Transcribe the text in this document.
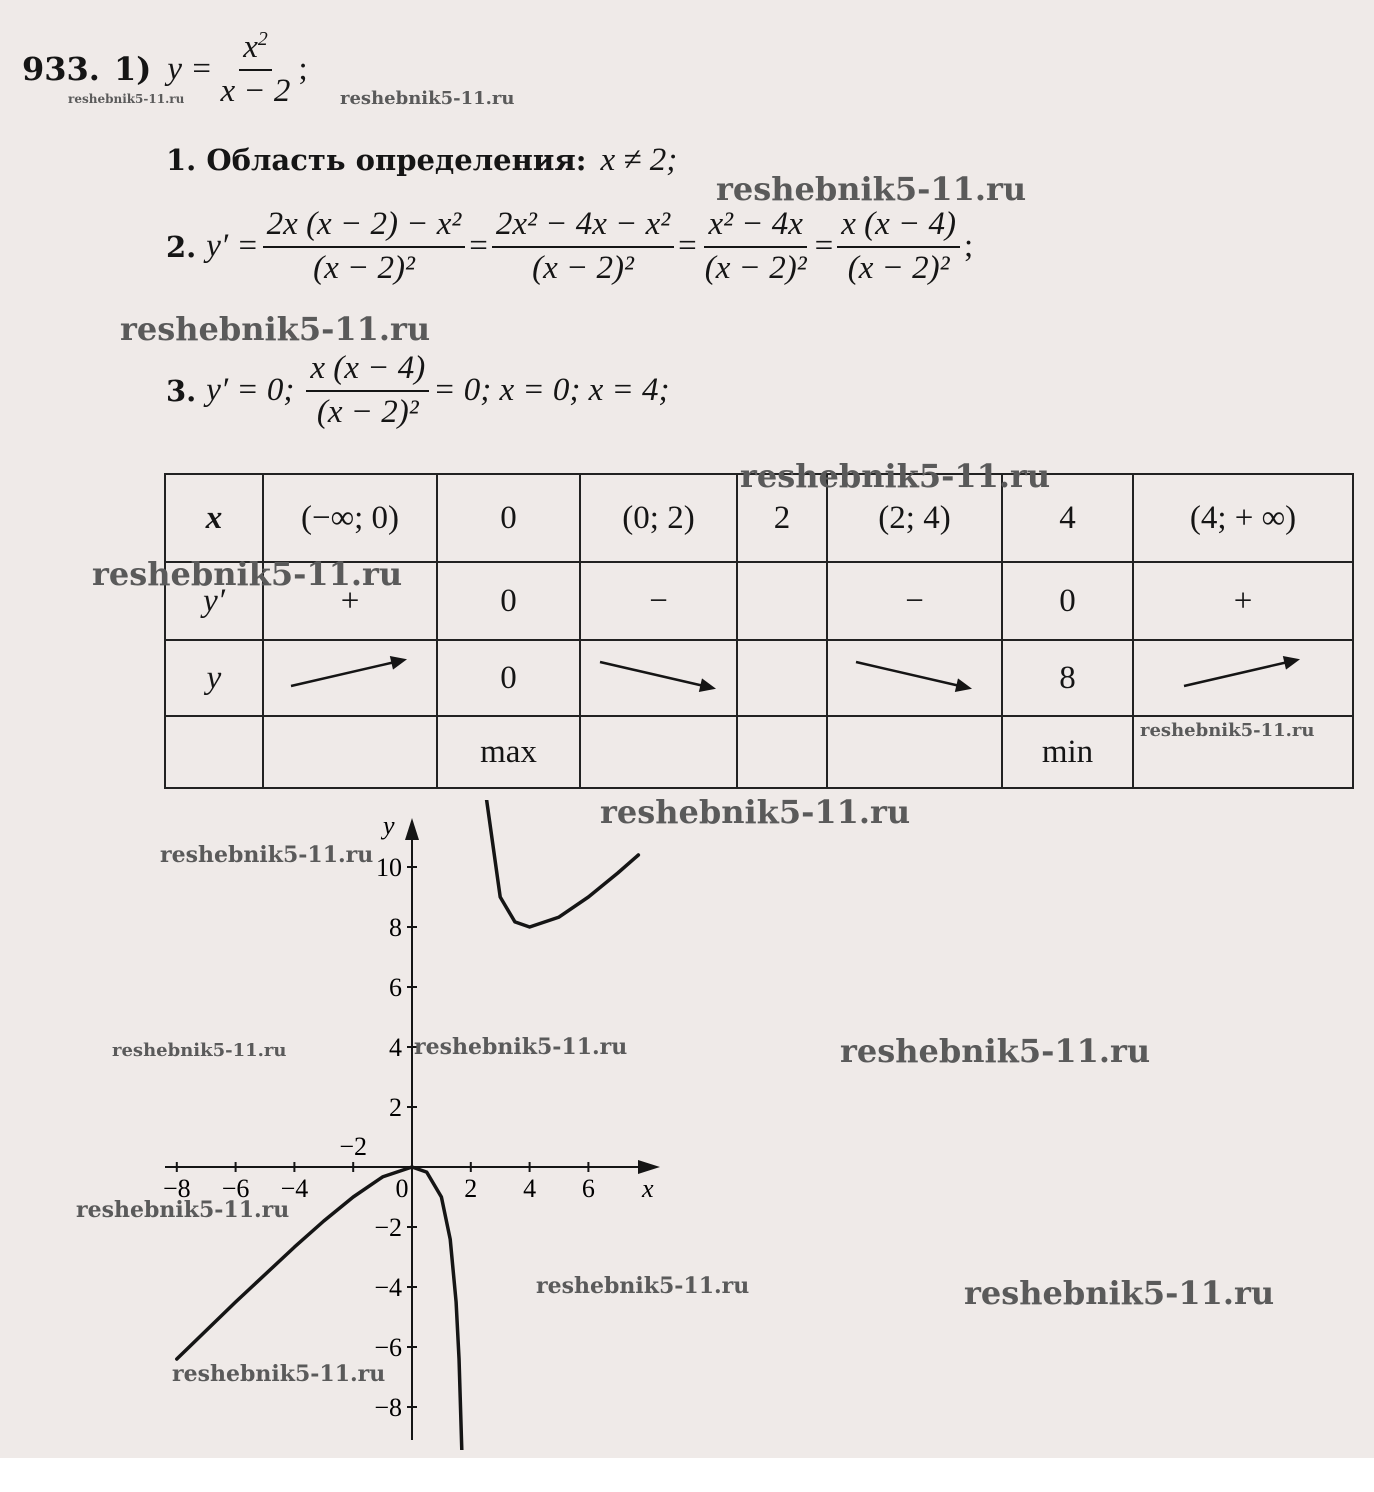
933. 1) $y = \frac{x^2}{x - 2}$ ;
1. Область определения: x ≠ 2;
2. $y' = \frac{\text{2x (x − 2) − x²}}{\text{(x − 2)²}} = \frac{\text{2x² − 4x − x²}}{\text{(x − 2)²}} = \frac{\text{x² − 4x}}{\text{(x − 2)²}} = \frac{x (x - 4)}{\text{(x − 2)²}}$ ;
3. y′ = 0; $\frac{x (x - 4)}{\text{(x − 2)²}} = 0$; x = 0; x = 4;
x	(−∞; 0)	0	(0; 2)	2	(2; 4)	4	(4; + ∞)
y′	+	0	−		−	0	+
y		0				8	
		max				min	
x
y
−8 −6 −4
−2
0 2 4 6
10
8
6
4
2
−2
−4
−6
−8
reshebnik5-11.ru	reshebnik5-11.ru
reshebnik5-11.ru
reshebnik5-11.ru
reshebnik5-11.ru
reshebnik5-11.ru
reshebnik5-11.ru
reshebnik5-11.ru
reshebnik5-11.ru
reshebnik5-11.ru	reshebnik5-11.ru	reshebnik5-11.ru
reshebnik5-11.ru
reshebnik5-11.ru	reshebnik5-11.ru
reshebnik5-11.ru
